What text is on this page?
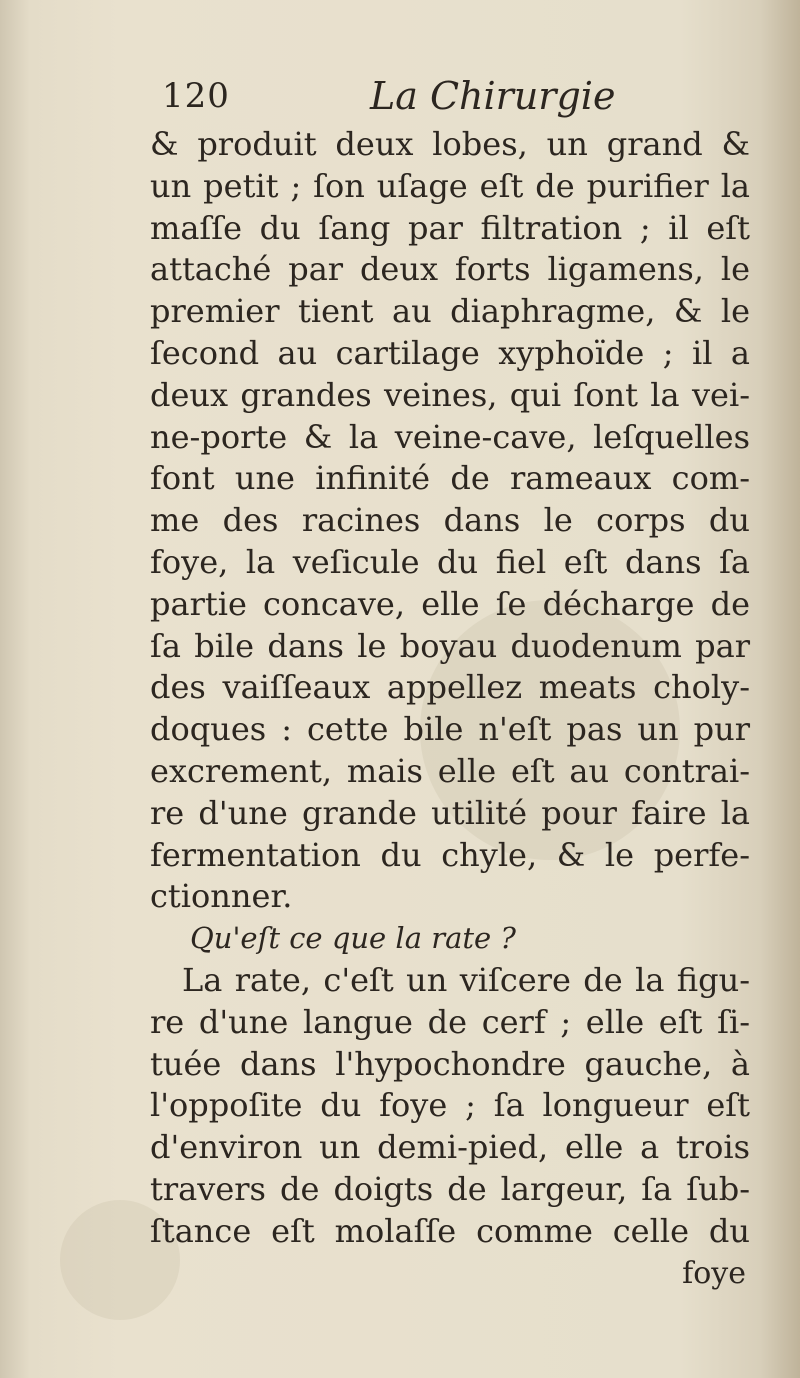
120	La Chirurgie
& produit deux lobes, un grand &
un petit ; ſon uſage eſt de purifier la
maſſe du ſang par filtration ; il eſt
attaché par deux forts ligamens, le
premier tient au diaphragme, & le
ſecond au cartilage xyphoïde ; il a
deux grandes veines, qui ſont la vei-
ne-porte & la veine-cave, leſquelles
font une infinité de rameaux com-
me des racines dans le corps du
foye, la veſicule du fiel eſt dans ſa
partie concave, elle ſe décharge de
ſa bile dans le boyau duodenum par
des vaiſſeaux appellez meats choly-
doques : cette bile n'eſt pas un pur
excrement, mais elle eſt au contrai-
re d'une grande utilité pour faire la
fermentation du chyle, & le perfe-
ctionner.
Qu'eſt ce que la rate ?
La rate, c'eſt un viſcere de la figu-
re d'une langue de cerf ; elle eſt ſi-
tuée dans l'hypochondre gauche, à
l'oppoſite du foye ; ſa longueur eſt
d'environ un demi-pied, elle a trois
travers de doigts de largeur, ſa ſub-
ſtance eſt molaſſe comme celle du
foye
